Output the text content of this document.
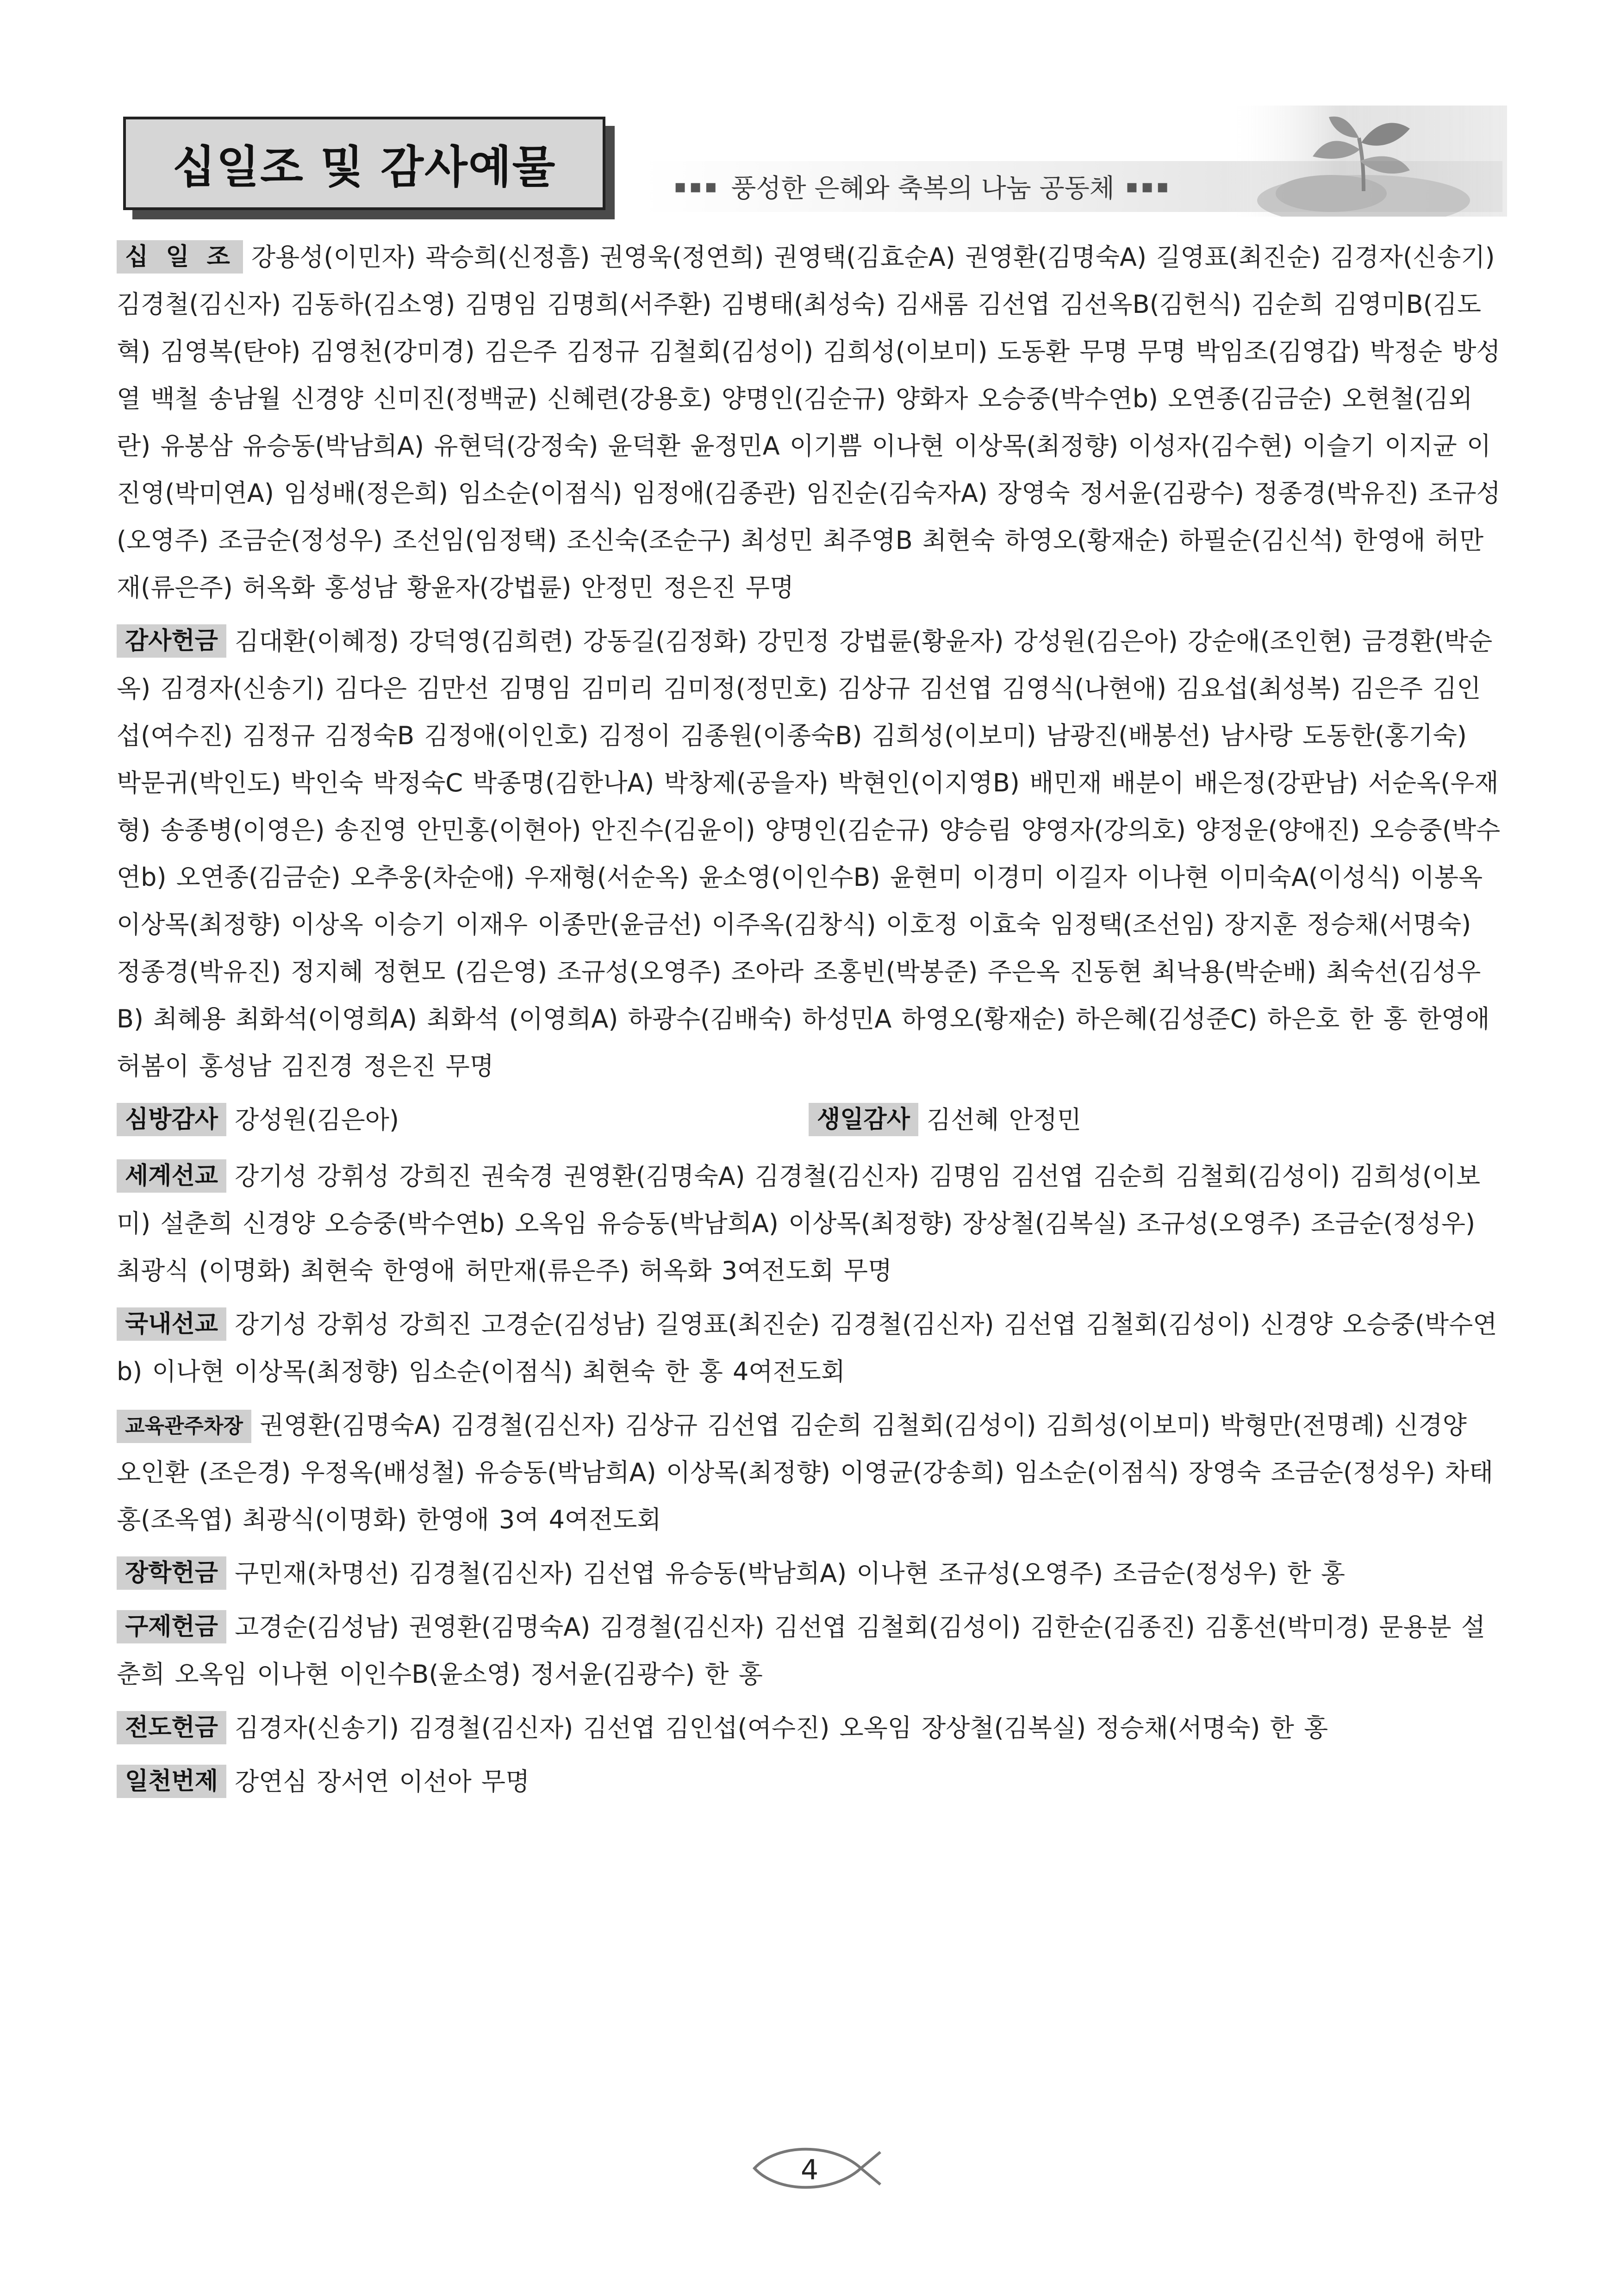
십일조 및 감사예물	▪▪▪ 풍성한 은혜와 축복의 나눔 공동체 ▪▪▪
십 일 조 강용성(이민자) 곽승희(신정흠) 권영욱(정연희) 권영택(김효순A) 권영환(김명숙A) 길영표(최진순) 김경자(신송기) 김경철(김신자) 김동하(김소영) 김명임 김명희(서주환) 김병태(최성숙) 김새롬 김선엽 김선옥B(김헌식) 김순희 김영미B(김도혁) 김영복(탄야) 김영천(강미경) 김은주 김정규 김철회(김성이) 김희성(이보미) 도동환 무명 무명 박임조(김영갑) 박정순 방성열 백철 송남월 신경양 신미진(정백균) 신혜련(강용호) 양명인(김순규) 양화자 오승중(박수연b) 오연종(김금순) 오현철(김외란) 유봉삼 유승동(박남희A) 유현덕(강정숙) 윤덕환 윤정민A 이기쁨 이나현 이상목(최정향) 이성자(김수현) 이슬기 이지균 이진영(박미연A) 임성배(정은희) 임소순(이점식) 임정애(김종관) 임진순(김숙자A) 장영숙 정서윤(김광수) 정종경(박유진) 조규성(오영주) 조금순(정성우) 조선임(임정택) 조신숙(조순구) 최성민 최주영B 최현숙 하영오(황재순) 하필순(김신석) 한영애 허만재(류은주) 허옥화 홍성남 황윤자(강법륜) 안정민 정은진 무명
감사헌금 김대환(이혜정) 강덕영(김희련) 강동길(김정화) 강민정 강법륜(황윤자) 강성원(김은아) 강순애(조인현) 금경환(박순옥) 김경자(신송기) 김다은 김만선 김명임 김미리 김미정(정민호) 김상규 김선엽 김영식(나현애) 김요섭(최성복) 김은주 김인섭(여수진) 김정규 김정숙B 김정애(이인호) 김정이 김종원(이종숙B) 김희성(이보미) 남광진(배봉선) 남사랑 도동한(홍기숙) 박문귀(박인도) 박인숙 박정숙C 박종명(김한나A) 박창제(공을자) 박현인(이지영B) 배민재 배분이 배은정(강판남) 서순옥(우재형) 송종병(이영은) 송진영 안민홍(이현아) 안진수(김윤이) 양명인(김순규) 양승림 양영자(강의호) 양정운(양애진) 오승중(박수연b) 오연종(김금순) 오추웅(차순애) 우재형(서순옥) 윤소영(이인수B) 윤현미 이경미 이길자 이나현 이미숙A(이성식) 이봉옥 이상목(최정향) 이상옥 이승기 이재우 이종만(윤금선) 이주옥(김창식) 이호정 이효숙 임정택(조선임) 장지훈 정승채(서명숙) 정종경(박유진) 정지혜 정현모 (김은영) 조규성(오영주) 조아라 조홍빈(박봉준) 주은옥 진동현 최낙용(박순배) 최숙선(김성우B) 최혜용 최화석(이영희A) 최화석 (이영희A) 하광수(김배숙) 하성민A 하영오(황재순) 하은혜(김성준C) 하은호 한 홍 한영애 허봄이 홍성남 김진경 정은진 무명
심방감사 강성원(김은아)	생일감사 김선혜 안정민
세계선교 강기성 강휘성 강희진 권숙경 권영환(김명숙A) 김경철(김신자) 김명임 김선엽 김순희 김철회(김성이) 김희성(이보미) 설춘희 신경양 오승중(박수연b) 오옥임 유승동(박남희A) 이상목(최정향) 장상철(김복실) 조규성(오영주) 조금순(정성우) 최광식 (이명화) 최현숙 한영애 허만재(류은주) 허옥화 3여전도회 무명
국내선교 강기성 강휘성 강희진 고경순(김성남) 길영표(최진순) 김경철(김신자) 김선엽 김철회(김성이) 신경양 오승중(박수연b) 이나현 이상목(최정향) 임소순(이점식) 최현숙 한 홍 4여전도회
교육관주차장 권영환(김명숙A) 김경철(김신자) 김상규 김선엽 김순희 김철회(김성이) 김희성(이보미) 박형만(전명례) 신경양 오인환 (조은경) 우정옥(배성철) 유승동(박남희A) 이상목(최정향) 이영균(강송희) 임소순(이점식) 장영숙 조금순(정성우) 차태홍(조옥엽) 최광식(이명화) 한영애 3여 4여전도회
장학헌금 구민재(차명선) 김경철(김신자) 김선엽 유승동(박남희A) 이나현 조규성(오영주) 조금순(정성우) 한 홍
구제헌금 고경순(김성남) 권영환(김명숙A) 김경철(김신자) 김선엽 김철회(김성이) 김한순(김종진) 김홍선(박미경) 문용분 설춘희 오옥임 이나현 이인수B(윤소영) 정서윤(김광수) 한 홍
전도헌금 김경자(신송기) 김경철(김신자) 김선엽 김인섭(여수진) 오옥임 장상철(김복실) 정승채(서명숙) 한 홍
일천번제 강연심 장서연 이선아 무명
4
